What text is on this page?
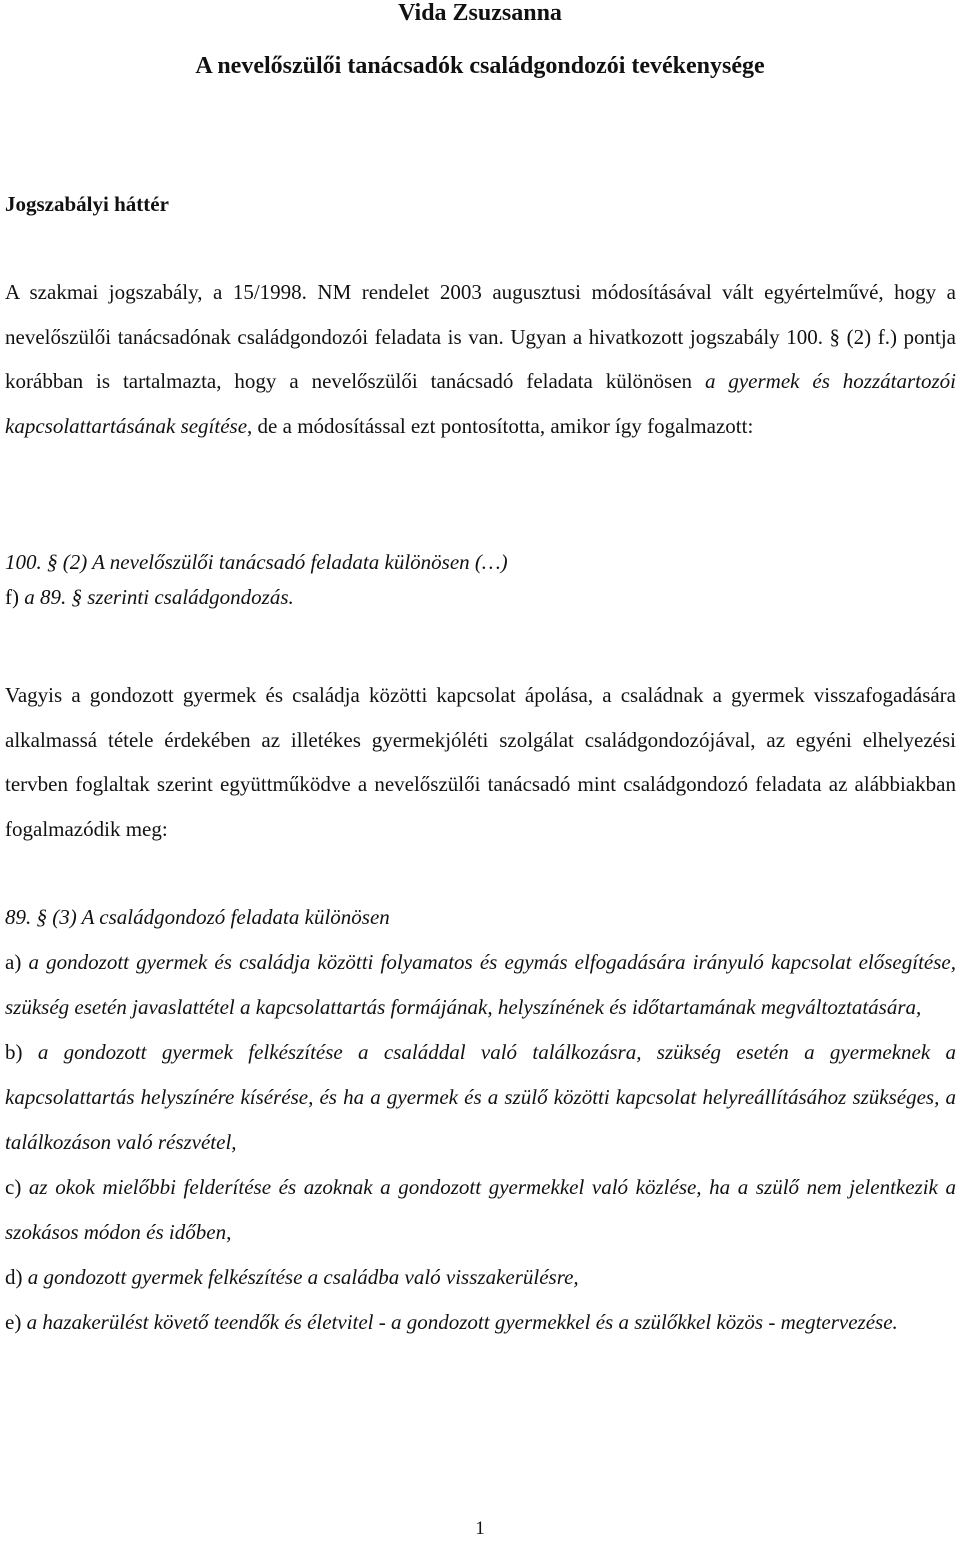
Vida Zsuzsanna
A nevelőszülői tanácsadók családgondozói tevékenysége
Jogszabályi háttér

A szakmai jogszabály, a 15/1998. NM rendelet 2003 augusztusi módosításával vált egyértelművé, hogy a nevelőszülői tanácsadónak családgondozói feladata is van. Ugyan a hivatkozott jogszabály 100. § (2) f.) pontja korábban is tartalmazta, hogy a nevelőszülői tanácsadó feladata különösen a gyermek és hozzátartozói kapcsolattartásának segítése, de a módosítással ezt pontosította, amikor így fogalmazott:

100. § (2) A nevelőszülői tanácsadó feladata különösen (…)

f) a 89. § szerinti családgondozás.

Vagyis a gondozott gyermek és családja közötti kapcsolat ápolása, a családnak a gyermek visszafogadására alkalmassá tétele érdekében az illetékes gyermekjóléti szolgálat családgondozójával, az egyéni elhelyezési tervben foglaltak szerint együttműködve a nevelőszülői tanácsadó mint családgondozó feladata az alábbiakban fogalmazódik meg:

89. § (3) A családgondozó feladata különösen

a) a gondozott gyermek és családja közötti folyamatos és egymás elfogadására irányuló kapcsolat elősegítése, szükség esetén javaslattétel a kapcsolattartás formájának, helyszínének és időtartamának megváltoztatására,

b) a gondozott gyermek felkészítése a családdal való találkozásra, szükség esetén a gyermeknek a kapcsolattartás helyszínére kísérése, és ha a gyermek és a szülő közötti kapcsolat helyreállításához szükséges, a találkozáson való részvétel,

c) az okok mielőbbi felderítése és azoknak a gondozott gyermekkel való közlése, ha a szülő nem jelentkezik a szokásos módon és időben,

d) a gondozott gyermek felkészítése a családba való visszakerülésre,

e) a hazakerülést követő teendők és életvitel - a gondozott gyermekkel és a szülőkkel közös - megtervezése.

1
